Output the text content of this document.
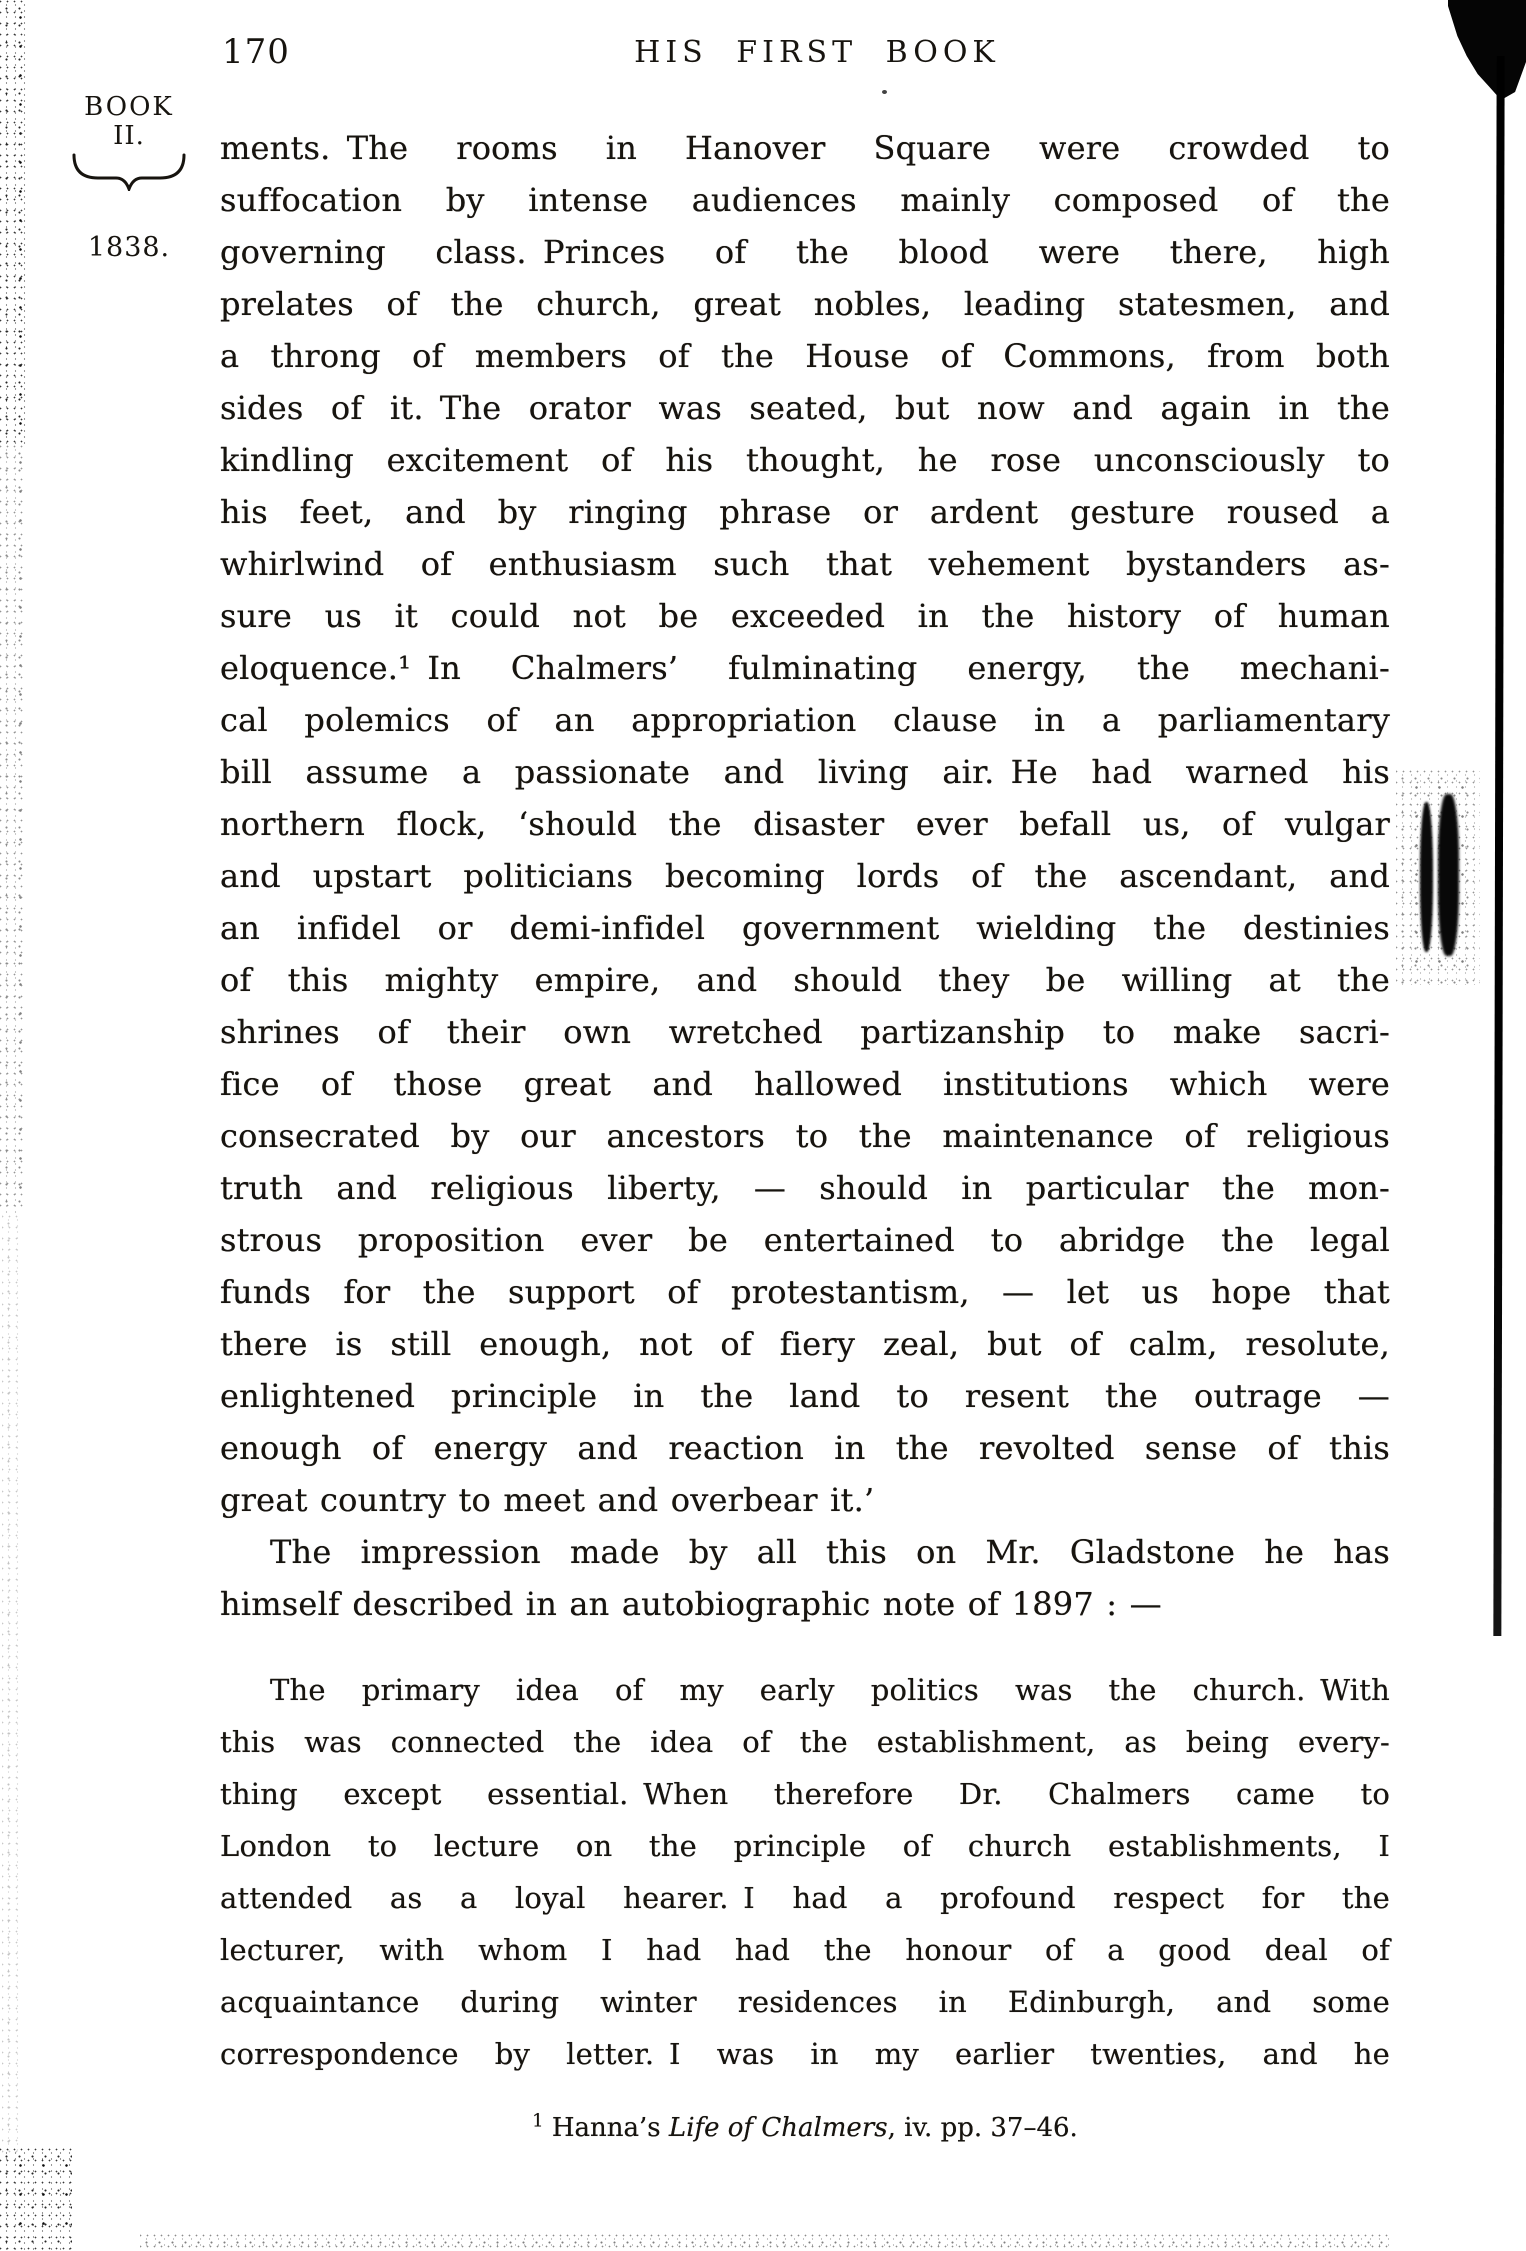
170	HIS FIRST BOOK
BOOK
II.
1838.
ments. The rooms in Hanover Square were crowded to
suffocation by intense audiences mainly composed of the
governing class. Princes of the blood were there, high
prelates of the church, great nobles, leading statesmen, and
a throng of members of the House of Commons, from both
sides of it. The orator was seated, but now and again in the
kindling excitement of his thought, he rose unconsciously to
his feet, and by ringing phrase or ardent gesture roused a
whirlwind of enthusiasm such that vehement bystanders as-
sure us it could not be exceeded in the history of human
eloquence.¹ In Chalmers’ fulminating energy, the mechani-
cal polemics of an appropriation clause in a parliamentary
bill assume a passionate and living air. He had warned his
northern flock, ‘should the disaster ever befall us, of vulgar
and upstart politicians becoming lords of the ascendant, and
an infidel or demi-infidel government wielding the destinies
of this mighty empire, and should they be willing at the
shrines of their own wretched partizanship to make sacri-
fice of those great and hallowed institutions which were
consecrated by our ancestors to the maintenance of religious
truth and religious liberty, — should in particular the mon-
strous proposition ever be entertained to abridge the legal
funds for the support of protestantism, — let us hope that
there is still enough, not of fiery zeal, but of calm, resolute,
enlightened principle in the land to resent the outrage —
enough of energy and reaction in the revolted sense of this
great country to meet and overbear it.’
The impression made by all this on Mr. Gladstone he has
himself described in an autobiographic note of 1897 : —
The primary idea of my early politics was the church. With
this was connected the idea of the establishment, as being every-
thing except essential. When therefore Dr. Chalmers came to
London to lecture on the principle of church establishments, I
attended as a loyal hearer. I had a profound respect for the
lecturer, with whom I had had the honour of a good deal of
acquaintance during winter residences in Edinburgh, and some
correspondence by letter. I was in my earlier twenties, and he
$^1$ Hanna’s Life of Chalmers, iv. pp. 37–46.
